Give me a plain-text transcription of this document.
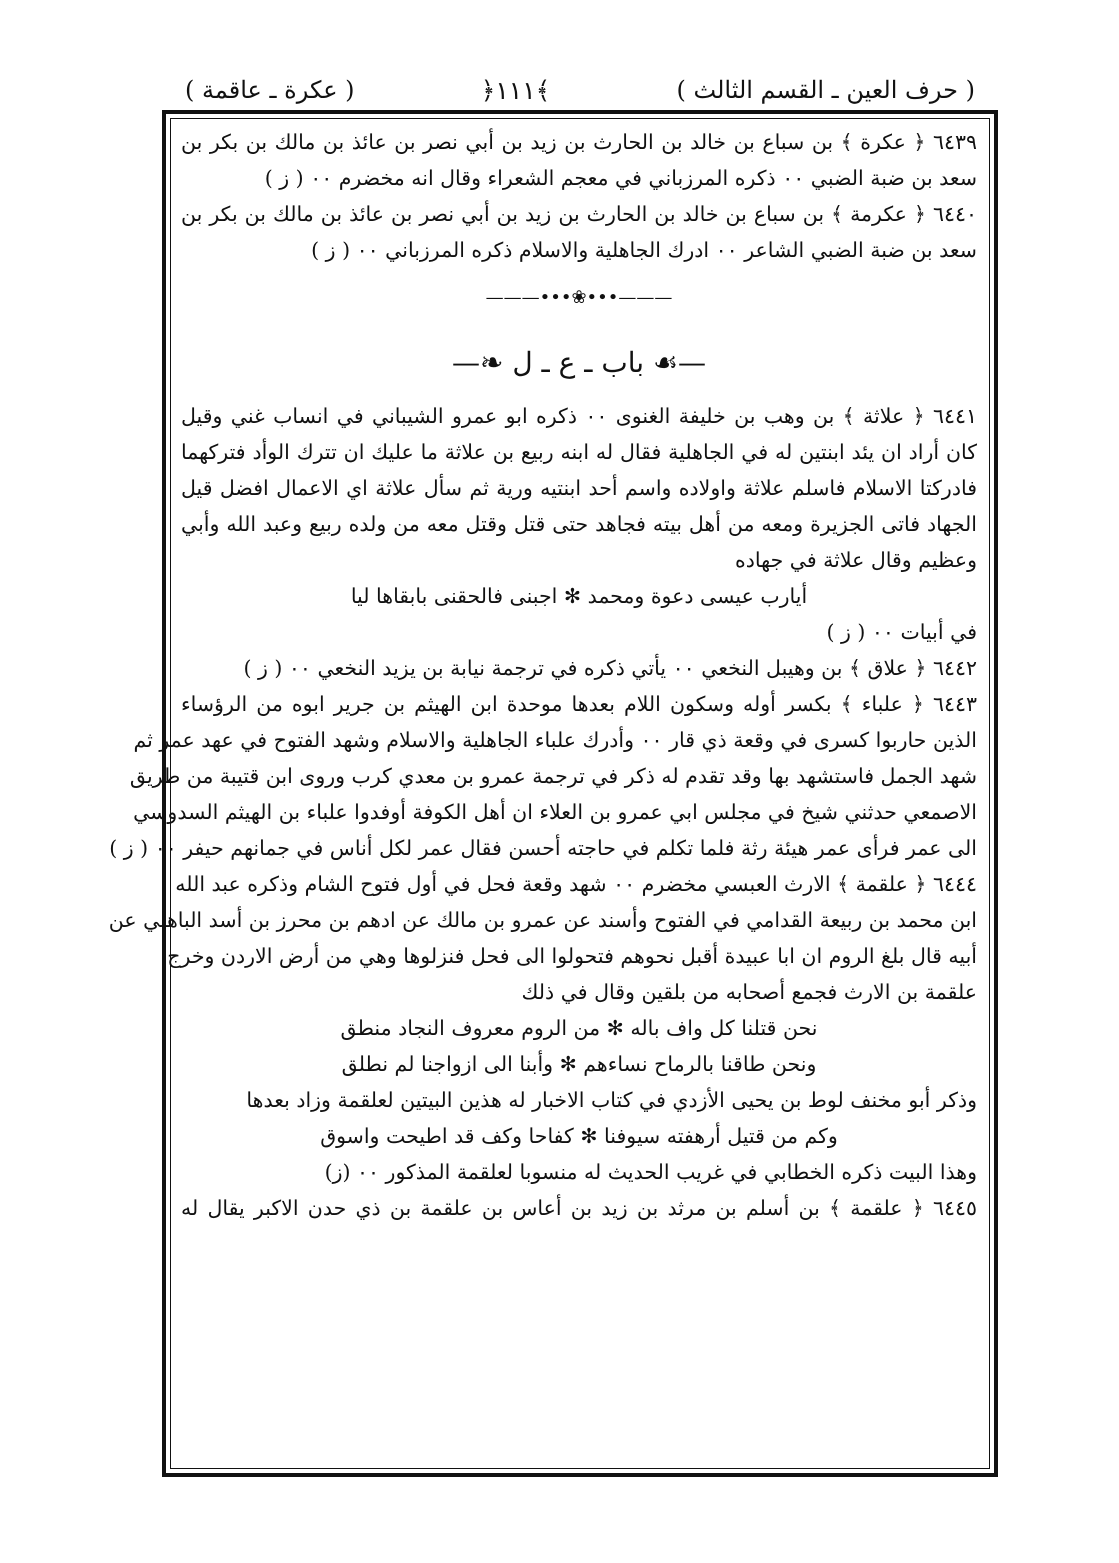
( حرف العين ـ القسم الثالث )
﴾١١١﴿
( عكرة ـ عاقمة )

٦٤٣٩ ﴿ عكرة ﴾ بن سباع بن خالد بن الحارث بن زيد بن أبي نصر بن عائذ بن مالك بن بكر بن

سعد بن ضبة الضبي ٠٠ ذكره المرزباني في معجم الشعراء وقال انه مخضرم ٠٠ ( ز )

٦٤٤٠ ﴿ عكرمة ﴾ بن سباع بن خالد بن الحارث بن زيد بن أبي نصر بن عائذ بن مالك بن بكر بن

سعد بن ضبة الضبي الشاعر ٠٠ ادرك الجاهلية والاسلام ذكره المرزباني ٠٠ ( ز )

———•••❀•••———
—☙ باب ـ ع ـ ل ❧—

٦٤٤١ ﴿ علاثة ﴾ بن وهب بن خليفة الغنوى ٠٠ ذكره ابو عمرو الشيباني في انساب غني وقيل

كان أراد ان يئد ابنتين له في الجاهلية فقال له ابنه ربيع بن علاثة ما عليك ان تترك الوأد فتركهما

فادركتا الاسلام فاسلم علاثة واولاده واسم أحد ابنتيه ورية ثم سأل علاثة اي الاعمال افضل قيل

الجهاد فاتى الجزيرة ومعه من أهل بيته فجاهد حتى قتل وقتل معه من ولده ربيع وعبد الله وأبي

وعظيم وقال علاثة في جهاده

أيارب عيسى دعوة ومحمد ✻ اجبنى فالحقنى بابقاها ليا

في أبيات ٠٠ ( ز )

٦٤٤٢ ﴿ علاق ﴾ بن وهيبل النخعي ٠٠ يأتي ذكره في ترجمة نيابة بن يزيد النخعي ٠٠ ( ز )

٦٤٤٣ ﴿ علباء ﴾ بكسر أوله وسكون اللام بعدها موحدة ابن الهيثم بن جرير ابوه من الرؤساء

الذين حاربوا كسرى في وقعة ذي قار ٠٠ وأدرك علباء الجاهلية والاسلام وشهد الفتوح في عهد عمر ثم

شهد الجمل فاستشهد بها وقد تقدم له ذكر في ترجمة عمرو بن معدي كرب وروى ابن قتيبة من طريق

الاصمعي حدثني شيخ في مجلس ابي عمرو بن العلاء ان أهل الكوفة أوفدوا علباء بن الهيثم السدوسي

الى عمر فرأى عمر هيئة رثة فلما تكلم في حاجته أحسن فقال عمر لكل أناس في جمانهم حيفر ٠٠ ( ز )

٦٤٤٤ ﴿ علقمة ﴾ الارث العبسي مخضرم ٠٠ شهد وقعة فحل في أول فتوح الشام وذكره عبد الله

ابن محمد بن ربيعة القدامي في الفتوح وأسند عن عمرو بن مالك عن ادهم بن محرز بن أسد الباهلي عن

أبيه قال بلغ الروم ان ابا عبيدة أقبل نحوهم فتحولوا الى فحل فنزلوها وهي من أرض الاردن وخرج

علقمة بن الارث فجمع أصحابه من بلقين وقال في ذلك

نحن قتلنا كل واف باله ✻ من الروم معروف النجاد منطق

ونحن طاقنا بالرماح نساءهم ✻ وأبنا الى ازواجنا لم نطلق

وذكر أبو مخنف لوط بن يحيى الأزدي في كتاب الاخبار له هذين البيتين لعلقمة وزاد بعدها

وكم من قتيل أرهفته سيوفنا ✻ كفاحا وكف قد اطيحت واسوق

وهذا البيت ذكره الخطابي في غريب الحديث له منسوبا لعلقمة المذكور ٠٠ (ز)

٦٤٤٥ ﴿ علقمة ﴾ بن أسلم بن مرثد بن زيد بن أعاس بن علقمة بن ذي حدن الاكبر يقال له
